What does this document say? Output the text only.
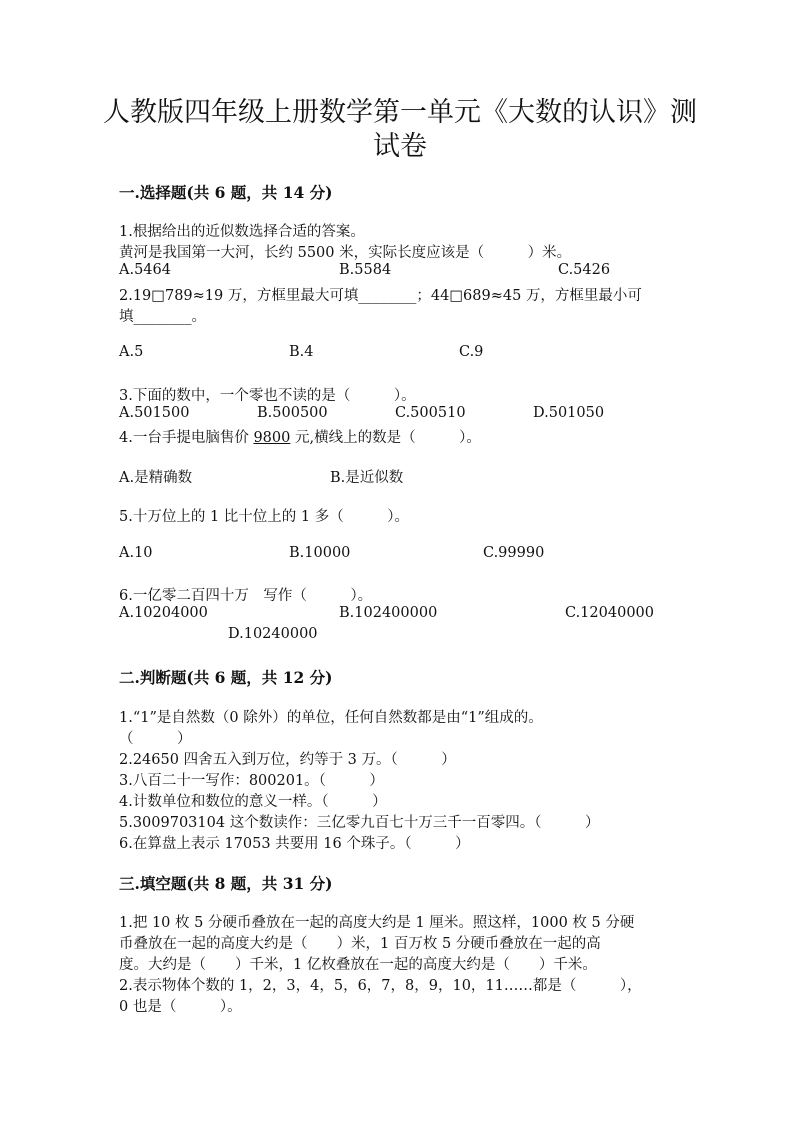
人教版四年级上册数学第一单元《大数的认识》测
试卷
一.选择题(共 6 题，共 14 分)
1.根据给出的近似数选择合适的答案。
黄河是我国第一大河，长约 5500 米，实际长度应该是（　　　）米。
A.5464	B.5584	C.5426
2.19□789≈19 万，方框里最大可填________；44□689≈45 万，方框里最小可
填________。
A.5	B.4	C.9
3.下面的数中，一个零也不读的是（　　　）。
A.501500	B.500500	C.500510	D.501050
4.一台手提电脑售价 9800 元,横线上的数是（　　　）。
A.是精确数	B.是近似数
5.十万位上的 1 比十位上的 1 多（　　　）。
A.10	B.10000	C.99990
6.一亿零二百四十万　写作（　　　）。
A.10204000	B.102400000	C.12040000
D.10240000
二.判断题(共 6 题，共 12 分)
1.“1”是自然数（0 除外）的单位，任何自然数都是由“1”组成的。
（　　　）
2.24650 四舍五入到万位，约等于 3 万。（　　　）
3.八百二十一写作：800201。（　　　）
4.计数单位和数位的意义一样。（　　　）
5.3009703104 这个数读作：三亿零九百七十万三千一百零四。（　　　）
6.在算盘上表示 17053 共要用 16 个珠子。（　　　）
三.填空题(共 8 题，共 31 分)
1.把 10 枚 5 分硬币叠放在一起的高度大约是 1 厘米。照这样，1000 枚 5 分硬
币叠放在一起的高度大约是（　　）米，1 百万枚 5 分硬币叠放在一起的高
度。大约是（　　）千米，1 亿枚叠放在一起的高度大约是（　　）千米。
2.表示物体个数的 1，2，3，4，5，6，7，8，9，10，11……都是（　　　），
0 也是（　　　）。
